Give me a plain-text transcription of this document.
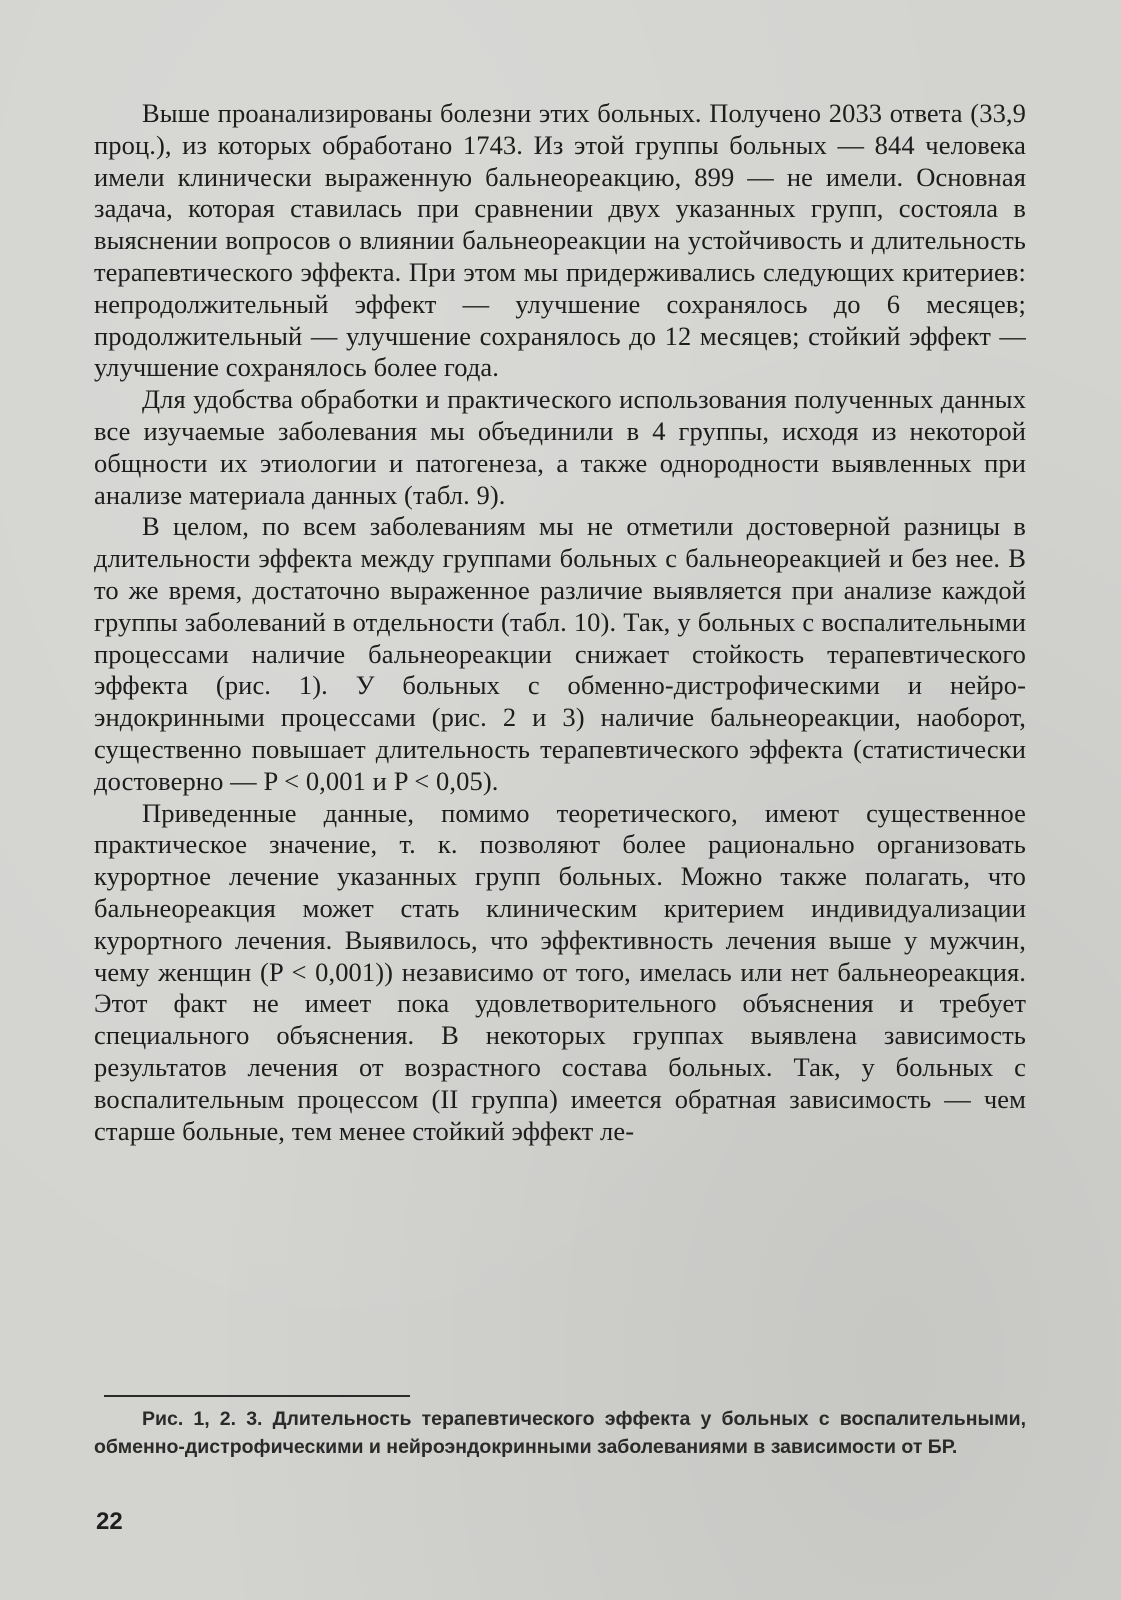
Выше проанализированы болезни этих больных. Получено 2033 ответа (33,9 проц.), из которых обработано 1743. Из этой группы больных — 844 человека имели клинически выраженную бальнеореакцию, 899 — не имели. Основная задача, которая ставилась при сравнении двух указанных групп, состояла в выяснении вопросов о влиянии бальнеореакции на устойчивость и длительность терапевтического эффекта. При этом мы придерживались следующих критериев: непродолжительный эффект — улучшение сохранялось до 6 месяцев; продолжительный — улучшение сохранялось до 12 месяцев; стойкий эффект — улучшение сохранялось более года.

Для удобства обработки и практического использования полученных данных все изучаемые заболевания мы объединили в 4 группы, исходя из некоторой общности их этиологии и патогенеза, а также однородности выявленных при анализе материала данных (табл. 9).

В целом, по всем заболеваниям мы не отметили достоверной разницы в длительности эффекта между группами больных с бальнеореакцией и без нее. В то же время, достаточно выраженное различие выявляется при анализе каждой группы заболеваний в отдельности (табл. 10). Так, у больных с воспалительными процессами наличие бальнеореакции снижает стойкость терапевтического эффекта (рис. 1). У больных с обменно-дистрофическими и нейро-эндокринными процессами (рис. 2 и 3) наличие бальнеореакции, наоборот, существенно повышает длительность терапевтического эффекта (статистически достоверно — P < 0,001 и P < 0,05).

Приведенные данные, помимо теоретического, имеют существенное практическое значение, т. к. позволяют более рационально организовать курортное лечение указанных групп больных. Можно также полагать, что бальнеореакция может стать клиническим критерием индивидуализации курортного лечения. Выявилось, что эффективность лечения выше у мужчин, чему женщин (P < 0,001)) независимо от того, имелась или нет бальнеореакция. Этот факт не имеет пока удовлетворительного объяснения и требует специального объяснения. В некоторых группах выявлена зависимость результатов лечения от возрастного состава больных. Так, у больных с воспалительным процессом (II группа) имеется обратная зависимость — чем старше больные, тем менее стойкий эффект ле-

Рис. 1, 2. 3. Длительность терапевтического эффекта у больных с воспалительными, обменно-дистрофическими и нейроэндокринными заболеваниями в зависимости от БР.
22
